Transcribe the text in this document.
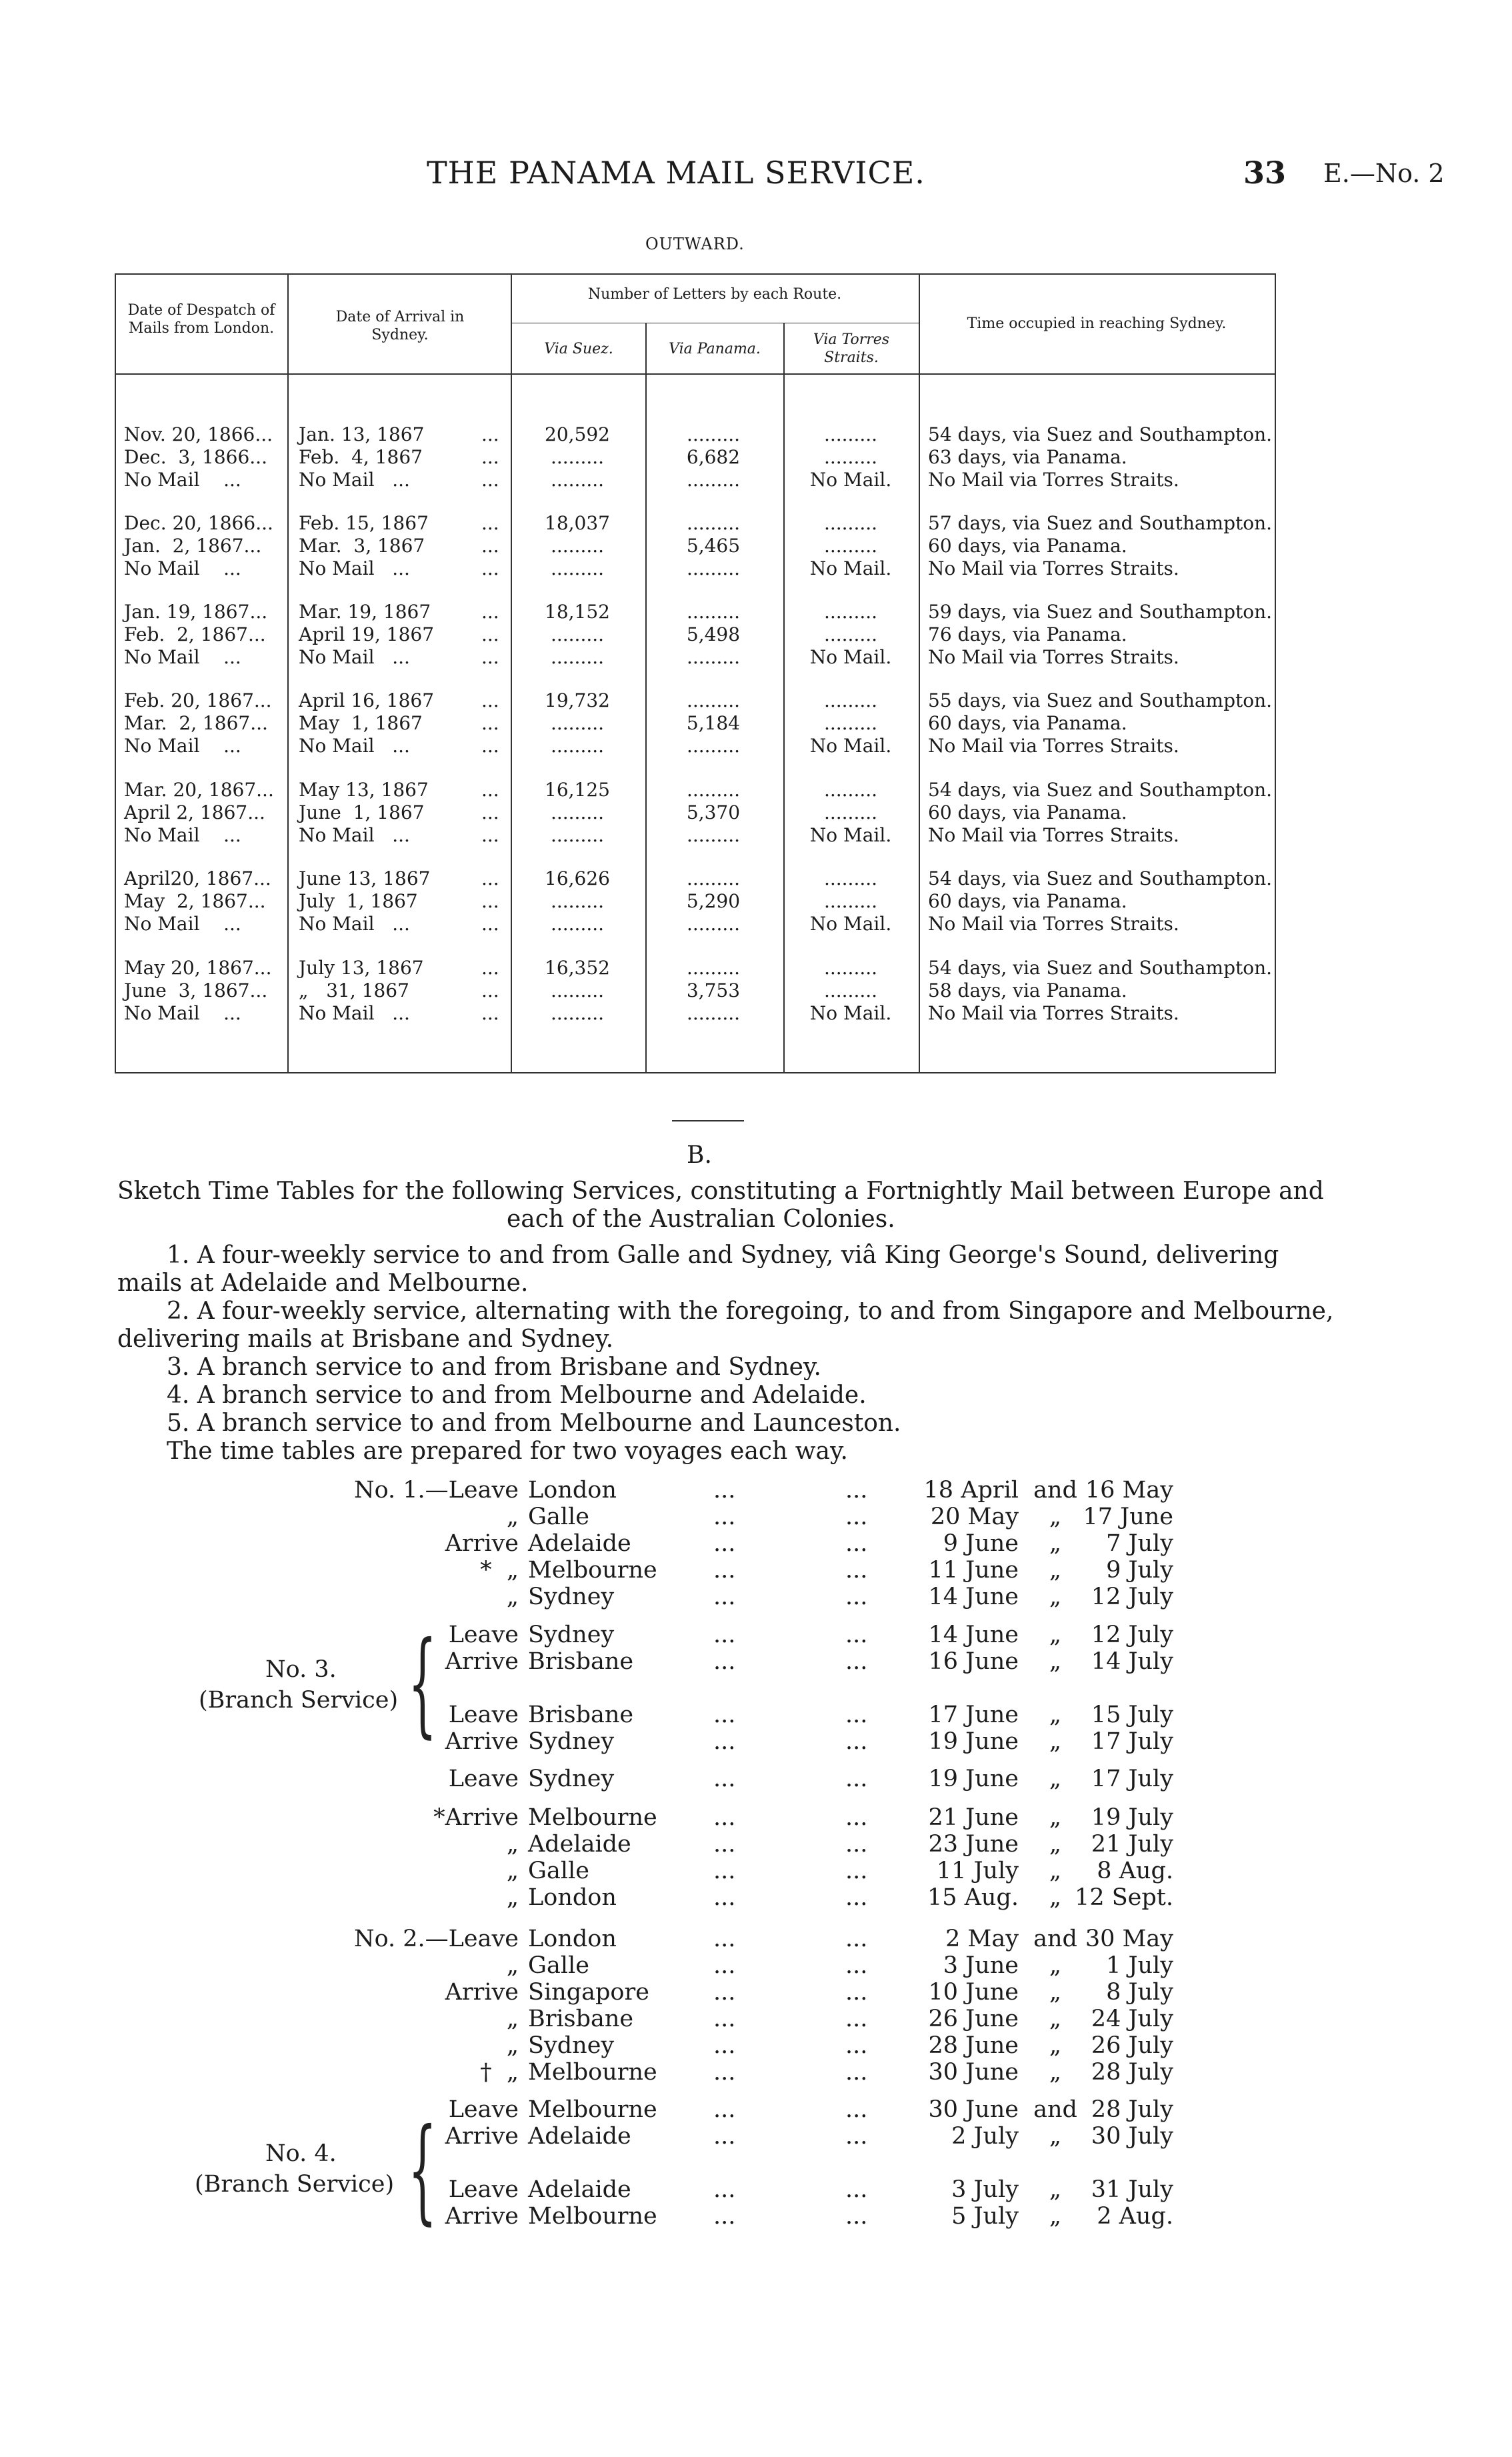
THE PANAMA MAIL SERVICE.	33 E.—No. 2
OUTWARD.
Date of Despatch of Mails from London.
Date of Arrival in Sydney.
Number of Letters by each Route.
Via Suez.	Via Panama.
Via Torres Straits.
Time occupied in reaching Sydney.
Nov. 20, 1866... Jan. 13, 1867	...	20,592	.........	.........	54 days, via Suez and Southampton.
Dec.  3, 1866... Feb.  4, 1867	...	.........	6,682	.........	63 days, via Panama.
No Mail    ...	No Mail   ...	...	.........	.........	No Mail.	No Mail via Torres Straits.
Dec. 20, 1866... Feb. 15, 1867	...	18,037	.........	.........	57 days, via Suez and Southampton.
Jan.  2, 1867... Mar.  3, 1867	...	.........	5,465	.........	60 days, via Panama.
No Mail    ...	No Mail   ...	...	.........	.........	No Mail.	No Mail via Torres Straits.
Jan. 19, 1867... Mar. 19, 1867	...	18,152	.........	.........	59 days, via Suez and Southampton.
Feb.  2, 1867... April 19, 1867	...	.........	5,498	.........	76 days, via Panama.
No Mail    ...	No Mail   ...	...	.........	.........	No Mail.	No Mail via Torres Straits.
Feb. 20, 1867... April 16, 1867	...	19,732	.........	.........	55 days, via Suez and Southampton.
Mar.  2, 1867... May  1, 1867	...	.........	5,184	.........	60 days, via Panama.
No Mail    ...	No Mail   ...	...	.........	.........	No Mail.	No Mail via Torres Straits.
Mar. 20, 1867... May 13, 1867	...	16,125	.........	.........	54 days, via Suez and Southampton.
April 2, 1867... June  1, 1867	...	.........	5,370	.........	60 days, via Panama.
No Mail    ...	No Mail   ...	...	.........	.........	No Mail.	No Mail via Torres Straits.
April20, 1867... June 13, 1867	...	16,626	.........	.........	54 days, via Suez and Southampton.
May  2, 1867... July  1, 1867	...	.........	5,290	.........	60 days, via Panama.
No Mail    ...	No Mail   ...	...	.........	.........	No Mail.	No Mail via Torres Straits.
May 20, 1867... July 13, 1867	...	16,352	.........	.........	54 days, via Suez and Southampton.
June  3, 1867... „   31, 1867	...	.........	3,753	.........	58 days, via Panama.
No Mail    ...	No Mail   ...	...	.........	.........	No Mail.	No Mail via Torres Straits.
B.
Sketch Time Tables for the following Services, constituting a Fortnightly Mail between Europe and
each of the Australian Colonies.
1. A four-weekly service to and from Galle and Sydney, viâ King George's Sound, delivering
mails at Adelaide and Melbourne.
2. A four-weekly service, alternating with the foregoing, to and from Singapore and Melbourne,
delivering mails at Brisbane and Sydney.
3. A branch service to and from Brisbane and Sydney.
4. A branch service to and from Melbourne and Adelaide.
5. A branch service to and from Melbourne and Launceston.
The time tables are prepared for two voyages each way.
No. 1.—Leave London	...	... 18 April and 16 May
„ Galle	...	...	20 May	„ 17 June
Arrive Adelaide	...	...	9 June	„	7 July
*  „ Melbourne ...	...	11 June	„	9 July
„ Sydney	...	...	14 June	„	12 July
Leave Sydney	...	...	14 June	„	12 July
Arrive Brisbane	...	...	16 June	„	14 July
Leave Brisbane	...	...	17 June	„	15 July
Arrive Sydney	...	...	19 June	„	17 July
Leave Sydney	...	...	19 June	„	17 July
*Arrive Melbourne ...	...	21 June	„	19 July
„ Adelaide	...	...	23 June	„	21 July
„ Galle	...	...	11 July	„	8 Aug.
„ London	...	...	15 Aug.	„ 12 Sept.
No. 2.—Leave London	...	...	2 May and 30 May
„ Galle	...	...	3 June	„	1 July
Arrive Singapore	...	...	10 June	„	8 July
„ Brisbane	...	...	26 June	„	24 July
„ Sydney	...	...	28 June	„	26 July
†  „ Melbourne ...	...	30 June	„	28 July
Leave Melbourne ...	...	30 June and 28 July
Arrive Adelaide	...	...	2 July	„	30 July
Leave Adelaide	...	...	3 July	„	31 July
Arrive Melbourne ...	...	5 July	„	2 Aug.
No. 3.
(Branch Service) {
No. 4.
(Branch Service) {
